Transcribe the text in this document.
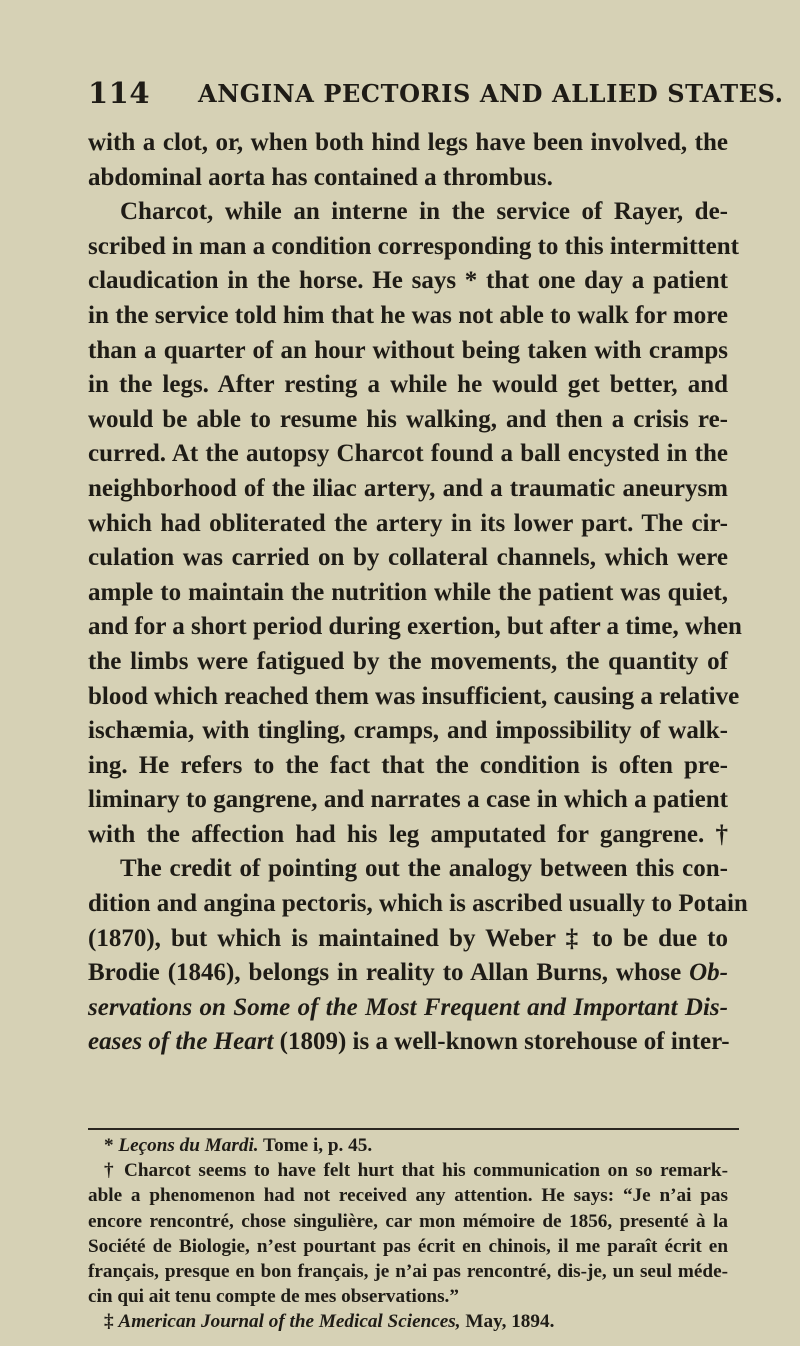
114 ANGINA PECTORIS AND ALLIED STATES.
with a clot, or, when both hind legs have been involved, the
abdominal aorta has contained a thrombus.
Charcot, while an interne in the service of Rayer, de-
scribed in man a condition corresponding to this intermittent
claudication in the horse. He says * that one day a patient
in the service told him that he was not able to walk for more
than a quarter of an hour without being taken with cramps
in the legs. After resting a while he would get better, and
would be able to resume his walking, and then a crisis re-
curred. At the autopsy Charcot found a ball encysted in the
neighborhood of the iliac artery, and a traumatic aneurysm
which had obliterated the artery in its lower part. The cir-
culation was carried on by collateral channels, which were
ample to maintain the nutrition while the patient was quiet,
and for a short period during exertion, but after a time, when
the limbs were fatigued by the movements, the quantity of
blood which reached them was insufficient, causing a relative
ischæmia, with tingling, cramps, and impossibility of walk-
ing. He refers to the fact that the condition is often pre-
liminary to gangrene, and narrates a case in which a patient
with the affection had his leg amputated for gangrene. †
The credit of pointing out the analogy between this con-
dition and angina pectoris, which is ascribed usually to Potain
(1870), but which is maintained by Weber ‡ to be due to
Brodie (1846), belongs in reality to Allan Burns, whose Ob-
servations on Some of the Most Frequent and Important Dis-
eases of the Heart (1809) is a well-known storehouse of inter-
* Leçons du Mardi. Tome i, p. 45.
† Charcot seems to have felt hurt that his communication on so remark-
able a phenomenon had not received any attention. He says: “Je n’ai pas
encore rencontré, chose singulière, car mon mémoire de 1856, presenté à la
Société de Biologie, n’est pourtant pas écrit en chinois, il me paraît écrit en
français, presque en bon français, je n’ai pas rencontré, dis-je, un seul méde-
cin qui ait tenu compte de mes observations.”
‡ American Journal of the Medical Sciences, May, 1894.
